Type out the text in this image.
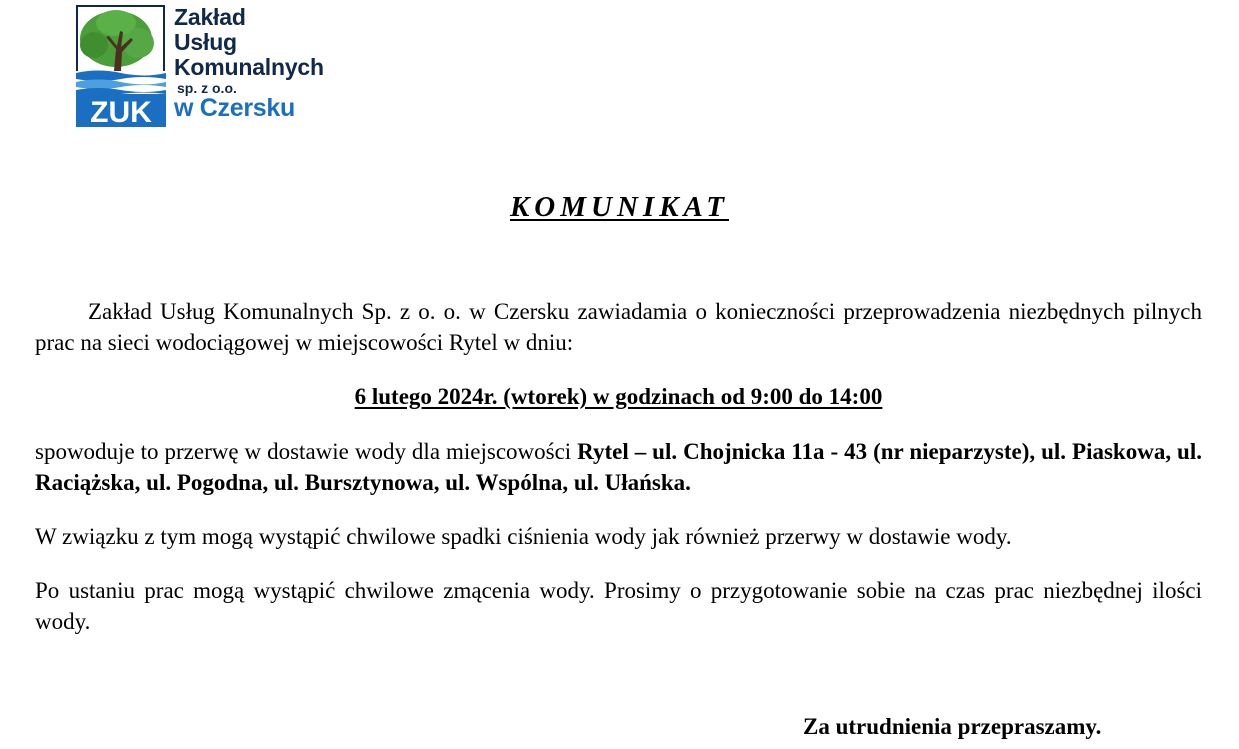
ZUK
Zakład
Usług
Komunalnych
sp. z o.o.
w Czersku
KOMUNIKAT
Zakład Usług Komunalnych Sp. z o. o. w Czersku zawiadamia o konieczności przeprowadzenia niezbędnych pilnych prac na sieci wodociągowej w miejscowości Rytel w dniu:
6 lutego 2024r. (wtorek) w godzinach od 9:00 do 14:00
spowoduje to przerwę w dostawie wody dla miejscowości Rytel – ul. Chojnicka 11a - 43 (nr nieparzyste), ul. Piaskowa, ul. Raciążska, ul. Pogodna, ul. Bursztynowa, ul. Wspólna, ul. Ułańska.
W związku z tym mogą wystąpić chwilowe spadki ciśnienia wody jak również przerwy w dostawie wody.
Po ustaniu prac mogą wystąpić chwilowe zmącenia wody. Prosimy o przygotowanie sobie na czas prac niezbędnej ilości wody.
Za utrudnienia przepraszamy.
